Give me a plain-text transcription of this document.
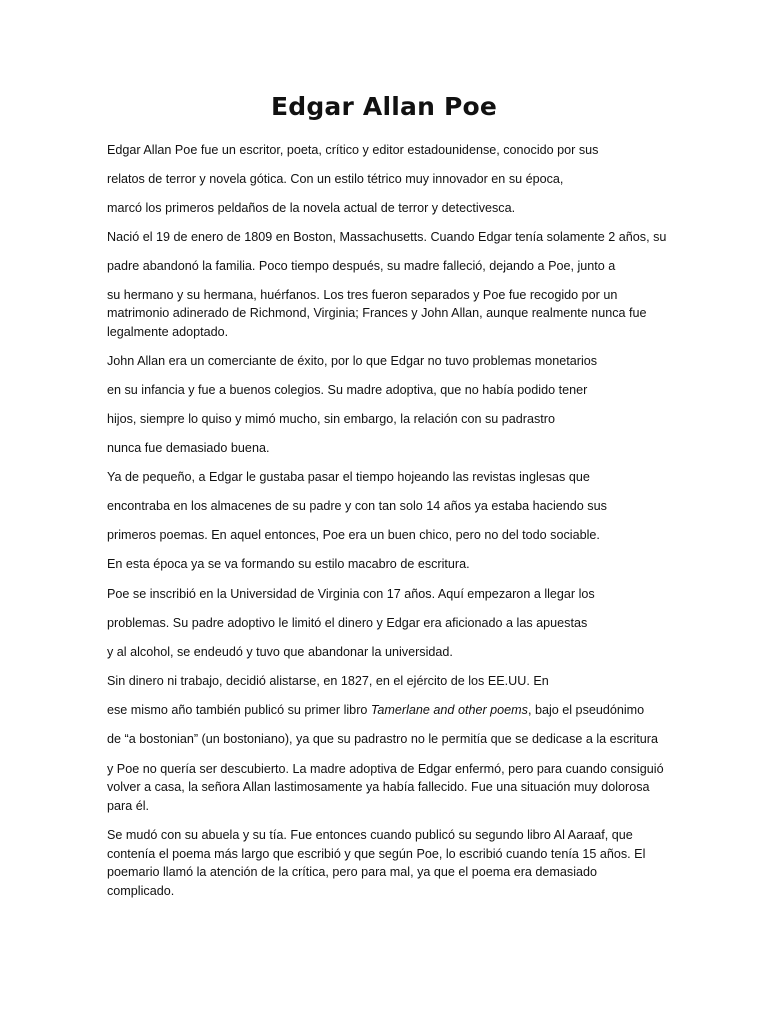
Edgar Allan Poe
Edgar Allan Poe fue un escritor, poeta, crítico y editor estadounidense, conocido por sus
relatos de terror y novela gótica. Con un estilo tétrico muy innovador en su época,
marcó los primeros peldaños de la novela actual de terror y detectivesca.
Nació el 19 de enero de 1809 en Boston, Massachusetts. Cuando Edgar tenía solamente 2 años, su
padre abandonó la familia. Poco tiempo después, su madre falleció, dejando a Poe, junto a
su hermano y su hermana, huérfanos. Los tres fueron separados y Poe fue recogido por un
matrimonio adinerado de Richmond, Virginia; Frances y John Allan, aunque realmente nunca fue
legalmente adoptado.
John Allan era un comerciante de éxito, por lo que Edgar no tuvo problemas monetarios
en su infancia y fue a buenos colegios. Su madre adoptiva, que no había podido tener
hijos, siempre lo quiso y mimó mucho, sin embargo, la relación con su padrastro
nunca fue demasiado buena.
Ya de pequeño, a Edgar le gustaba pasar el tiempo hojeando las revistas inglesas que
encontraba en los almacenes de su padre y con tan solo 14 años ya estaba haciendo sus
primeros poemas. En aquel entonces, Poe era un buen chico, pero no del todo sociable.
En esta época ya se va formando su estilo macabro de escritura.
Poe se inscribió en la Universidad de Virginia con 17 años. Aquí empezaron a llegar los
problemas. Su padre adoptivo le limitó el dinero y Edgar era aficionado a las apuestas
y al alcohol, se endeudó y tuvo que abandonar la universidad.
Sin dinero ni trabajo, decidió alistarse, en 1827, en el ejército de los EE.UU. En
ese mismo año también publicó su primer libro Tamerlane and other poems, bajo el pseudónimo
de “a bostonian” (un bostoniano), ya que su padrastro no le permitía que se dedicase a la escritura
y Poe no quería ser descubierto. La madre adoptiva de Edgar enfermó, pero para cuando consiguió
volver a casa, la señora Allan lastimosamente ya había fallecido. Fue una situación muy dolorosa
para él.
Se mudó con su abuela y su tía. Fue entonces cuando publicó su segundo libro Al Aaraaf, que
contenía el poema más largo que escribió y que según Poe, lo escribió cuando tenía 15 años. El
poemario llamó la atención de la crítica, pero para mal, ya que el poema era demasiado
complicado.
